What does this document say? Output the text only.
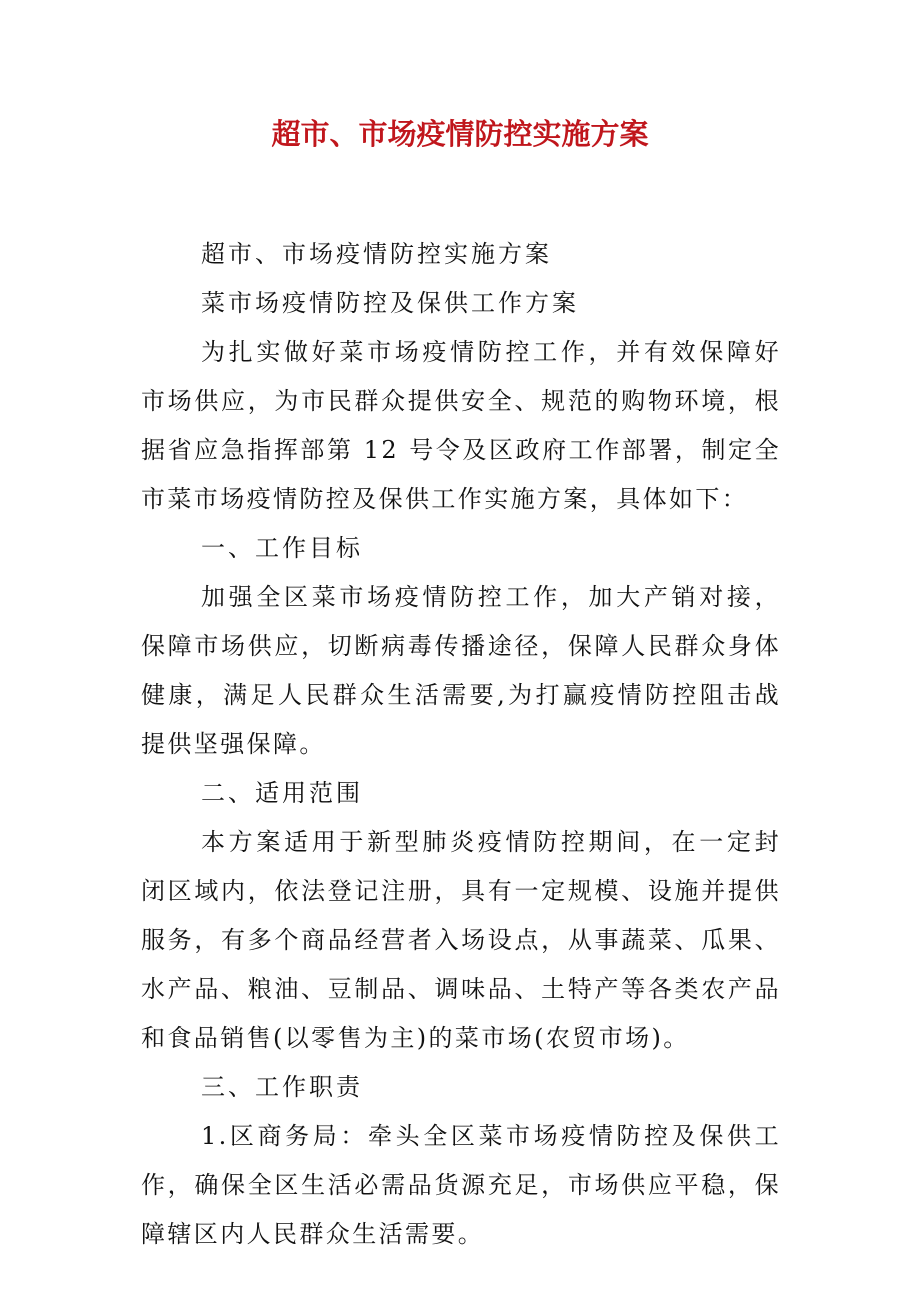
超市、市场疫情防控实施方案

超市、市场疫情防控实施方案

菜市场疫情防控及保供工作方案

为扎实做好菜市场疫情防控工作，并有效保障好市场供应，为市民群众提供安全、规范的购物环境，根据省应急指挥部第 12 号令及区政府工作部署，制定全市菜市场疫情防控及保供工作实施方案，具体如下：

一、工作目标

加强全区菜市场疫情防控工作，加大产销对接，保障市场供应，切断病毒传播途径，保障人民群众身体健康，满足人民群众生活需要,为打赢疫情防控阻击战提供坚强保障。

二、适用范围

本方案适用于新型肺炎疫情防控期间，在一定封闭区域内，依法登记注册，具有一定规模、设施并提供服务，有多个商品经营者入场设点，从事蔬菜、瓜果、水产品、粮油、豆制品、调味品、土特产等各类农产品和食品销售(以零售为主)的菜市场(农贸市场)。

三、工作职责

1.区商务局：牵头全区菜市场疫情防控及保供工作，确保全区生活必需品货源充足，市场供应平稳，保障辖区内人民群众生活需要。
